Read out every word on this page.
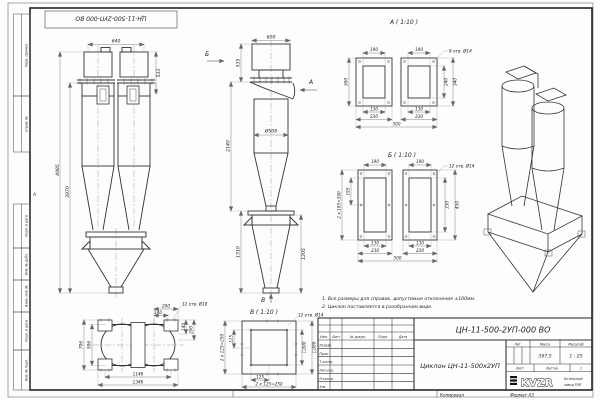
Перв. примен.
Справ. №
Подп. и дата
Инв. № дубл.
Взам. инв. №
Подп. и дата
Инв. № подл.
А
Копировал	Формат А3
ЦН-11-500-2УП-000 ВО
640
533
4985
3970
600
535
2140
1510
Ø508
1205
А
Б
В
А ( 1:10 )
190	190	8 отв. Ø14
300	240 340
130	130
230	230
500
Б ( 1:10 )
190	190
12 отв. Ø14
195
2 х 195=390	330 430
130	130
230	230
500
200
140
12 отв. Ø18
706 506
140 200
1146
1346
В ( 1:10 )	12 отв. Ø14
125
2 х 125=250	□300 □380
125
2 х 125=250
1. Все размеры для справок, допустимые отклонения ±100мм.
2. Циклон поставляется в разобранном виде.
Изм.	Лист	№ докум.	Подп.	Дата
Разраб.
Пров.
Т.контр.
Нач.отд.
Н.контр.
Утв.
ЦН-11-500-2УП-000 ВО
Циклон ЦН-11-500х2УП
Лит.	Масса	Масштаб
397,5	1 : 25
Лист	Листов	1
KVZR	Котельный
завод РЭП
